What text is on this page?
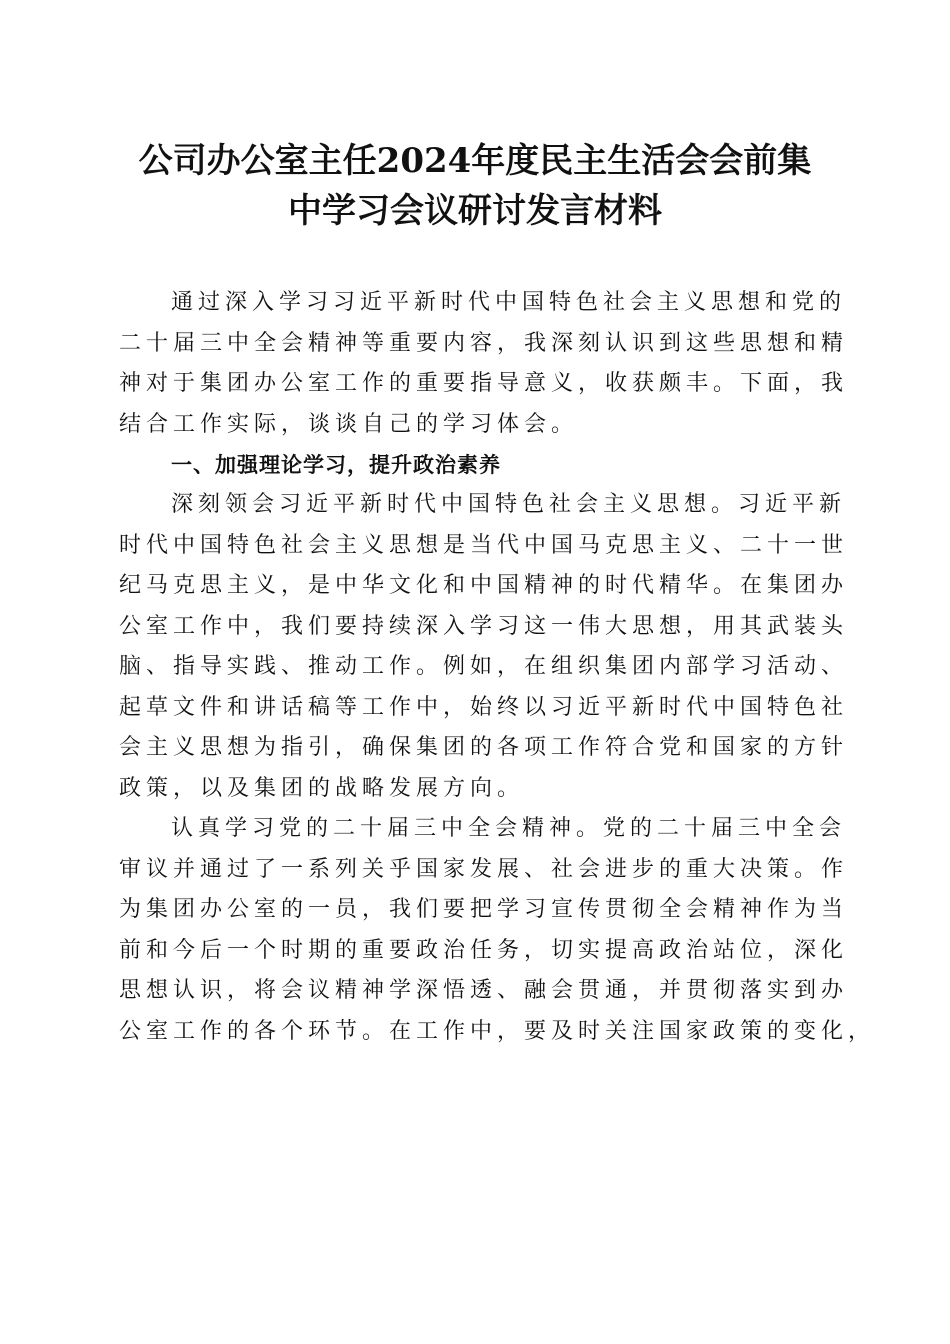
公司办公室主任2024年度民主生活会会前集
中学习会议研讨发言材料

通过深入学习习近平新时代中国特色社会主义思想和党的
二十届三中全会精神等重要内容，我深刻认识到这些思想和精
神对于集团办公室工作的重要指导意义，收获颇丰。下面，我
结合工作实际，谈谈自己的学习体会。

一、加强理论学习，提升政治素养

深刻领会习近平新时代中国特色社会主义思想。习近平新
时代中国特色社会主义思想是当代中国马克思主义、二十一世
纪马克思主义，是中华文化和中国精神的时代精华。在集团办
公室工作中，我们要持续深入学习这一伟大思想，用其武装头
脑、指导实践、推动工作。例如，在组织集团内部学习活动、
起草文件和讲话稿等工作中，始终以习近平新时代中国特色社
会主义思想为指引，确保集团的各项工作符合党和国家的方针
政策，以及集团的战略发展方向。

认真学习党的二十届三中全会精神。党的二十届三中全会
审议并通过了一系列关乎国家发展、社会进步的重大决策。作
为集团办公室的一员，我们要把学习宣传贯彻全会精神作为当
前和今后一个时期的重要政治任务，切实提高政治站位，深化
思想认识，将会议精神学深悟透、融会贯通，并贯彻落实到办
公室工作的各个环节。在工作中，要及时关注国家政策的变化，
